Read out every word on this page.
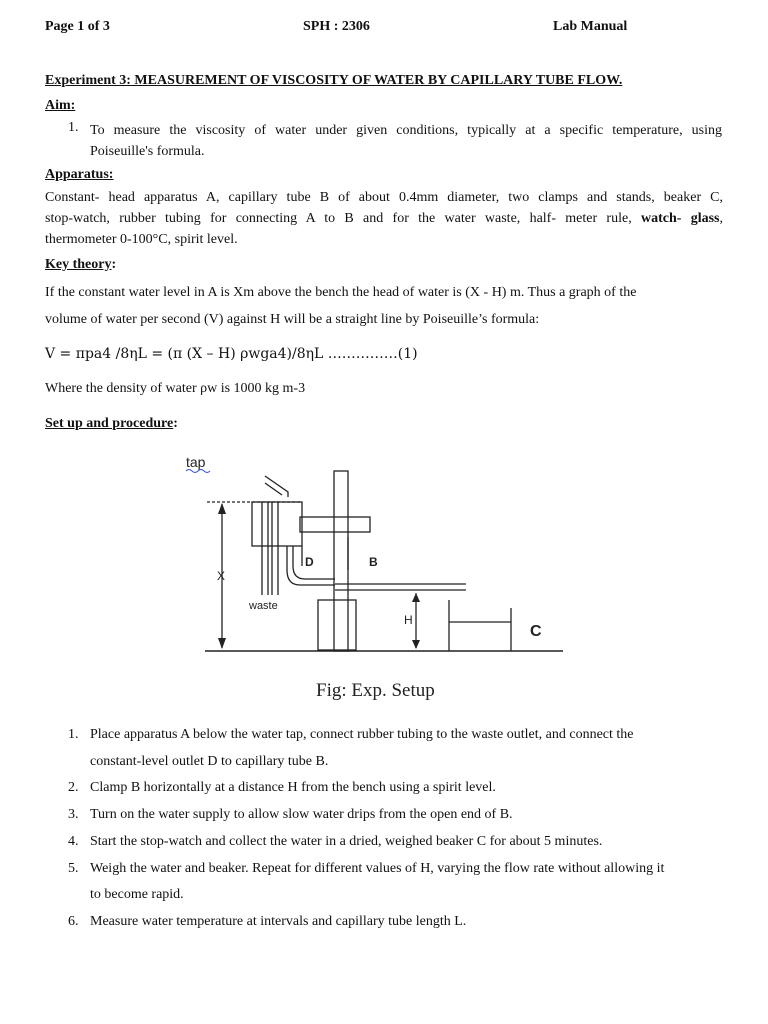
Page 1 of 3	SPH : 2306	Lab Manual
Experiment 3: MEASUREMENT OF VISCOSITY OF WATER BY CAPILLARY TUBE FLOW.
Aim:
1. To measure the viscosity of water under given conditions, typically at a specific temperature, using
Poiseuille's formula.
Apparatus:
Constant- head apparatus A, capillary tube B of about 0.4mm diameter, two clamps and stands, beaker C,
stop-watch, rubber tubing for connecting A to B and for the water waste, half- meter rule, watch- glass,
thermometer 0-100°C, spirit level.
Key theory:
If the constant water level in A is Xm above the bench the head of water is (X - H) m. Thus a graph of the
volume of water per second (V) against H will be a straight line by Poiseuille’s formula:
V = πpa4 /8ηL = (π (X – H) ρwga4)/8ηL ……………(1)
Where the density of water ρw is 1000 kg m-3
Set up and procedure:
tap
D	B
X
waste
H
C
Fig: Exp. Setup
1. Place apparatus A below the water tap, connect rubber tubing to the waste outlet, and connect the
constant-level outlet D to capillary tube B.
2. Clamp B horizontally at a distance H from the bench using a spirit level.
3. Turn on the water supply to allow slow water drips from the open end of B.
4. Start the stop-watch and collect the water in a dried, weighed beaker C for about 5 minutes.
5. Weigh the water and beaker. Repeat for different values of H, varying the flow rate without allowing it
to become rapid.
6. Measure water temperature at intervals and capillary tube length L.
